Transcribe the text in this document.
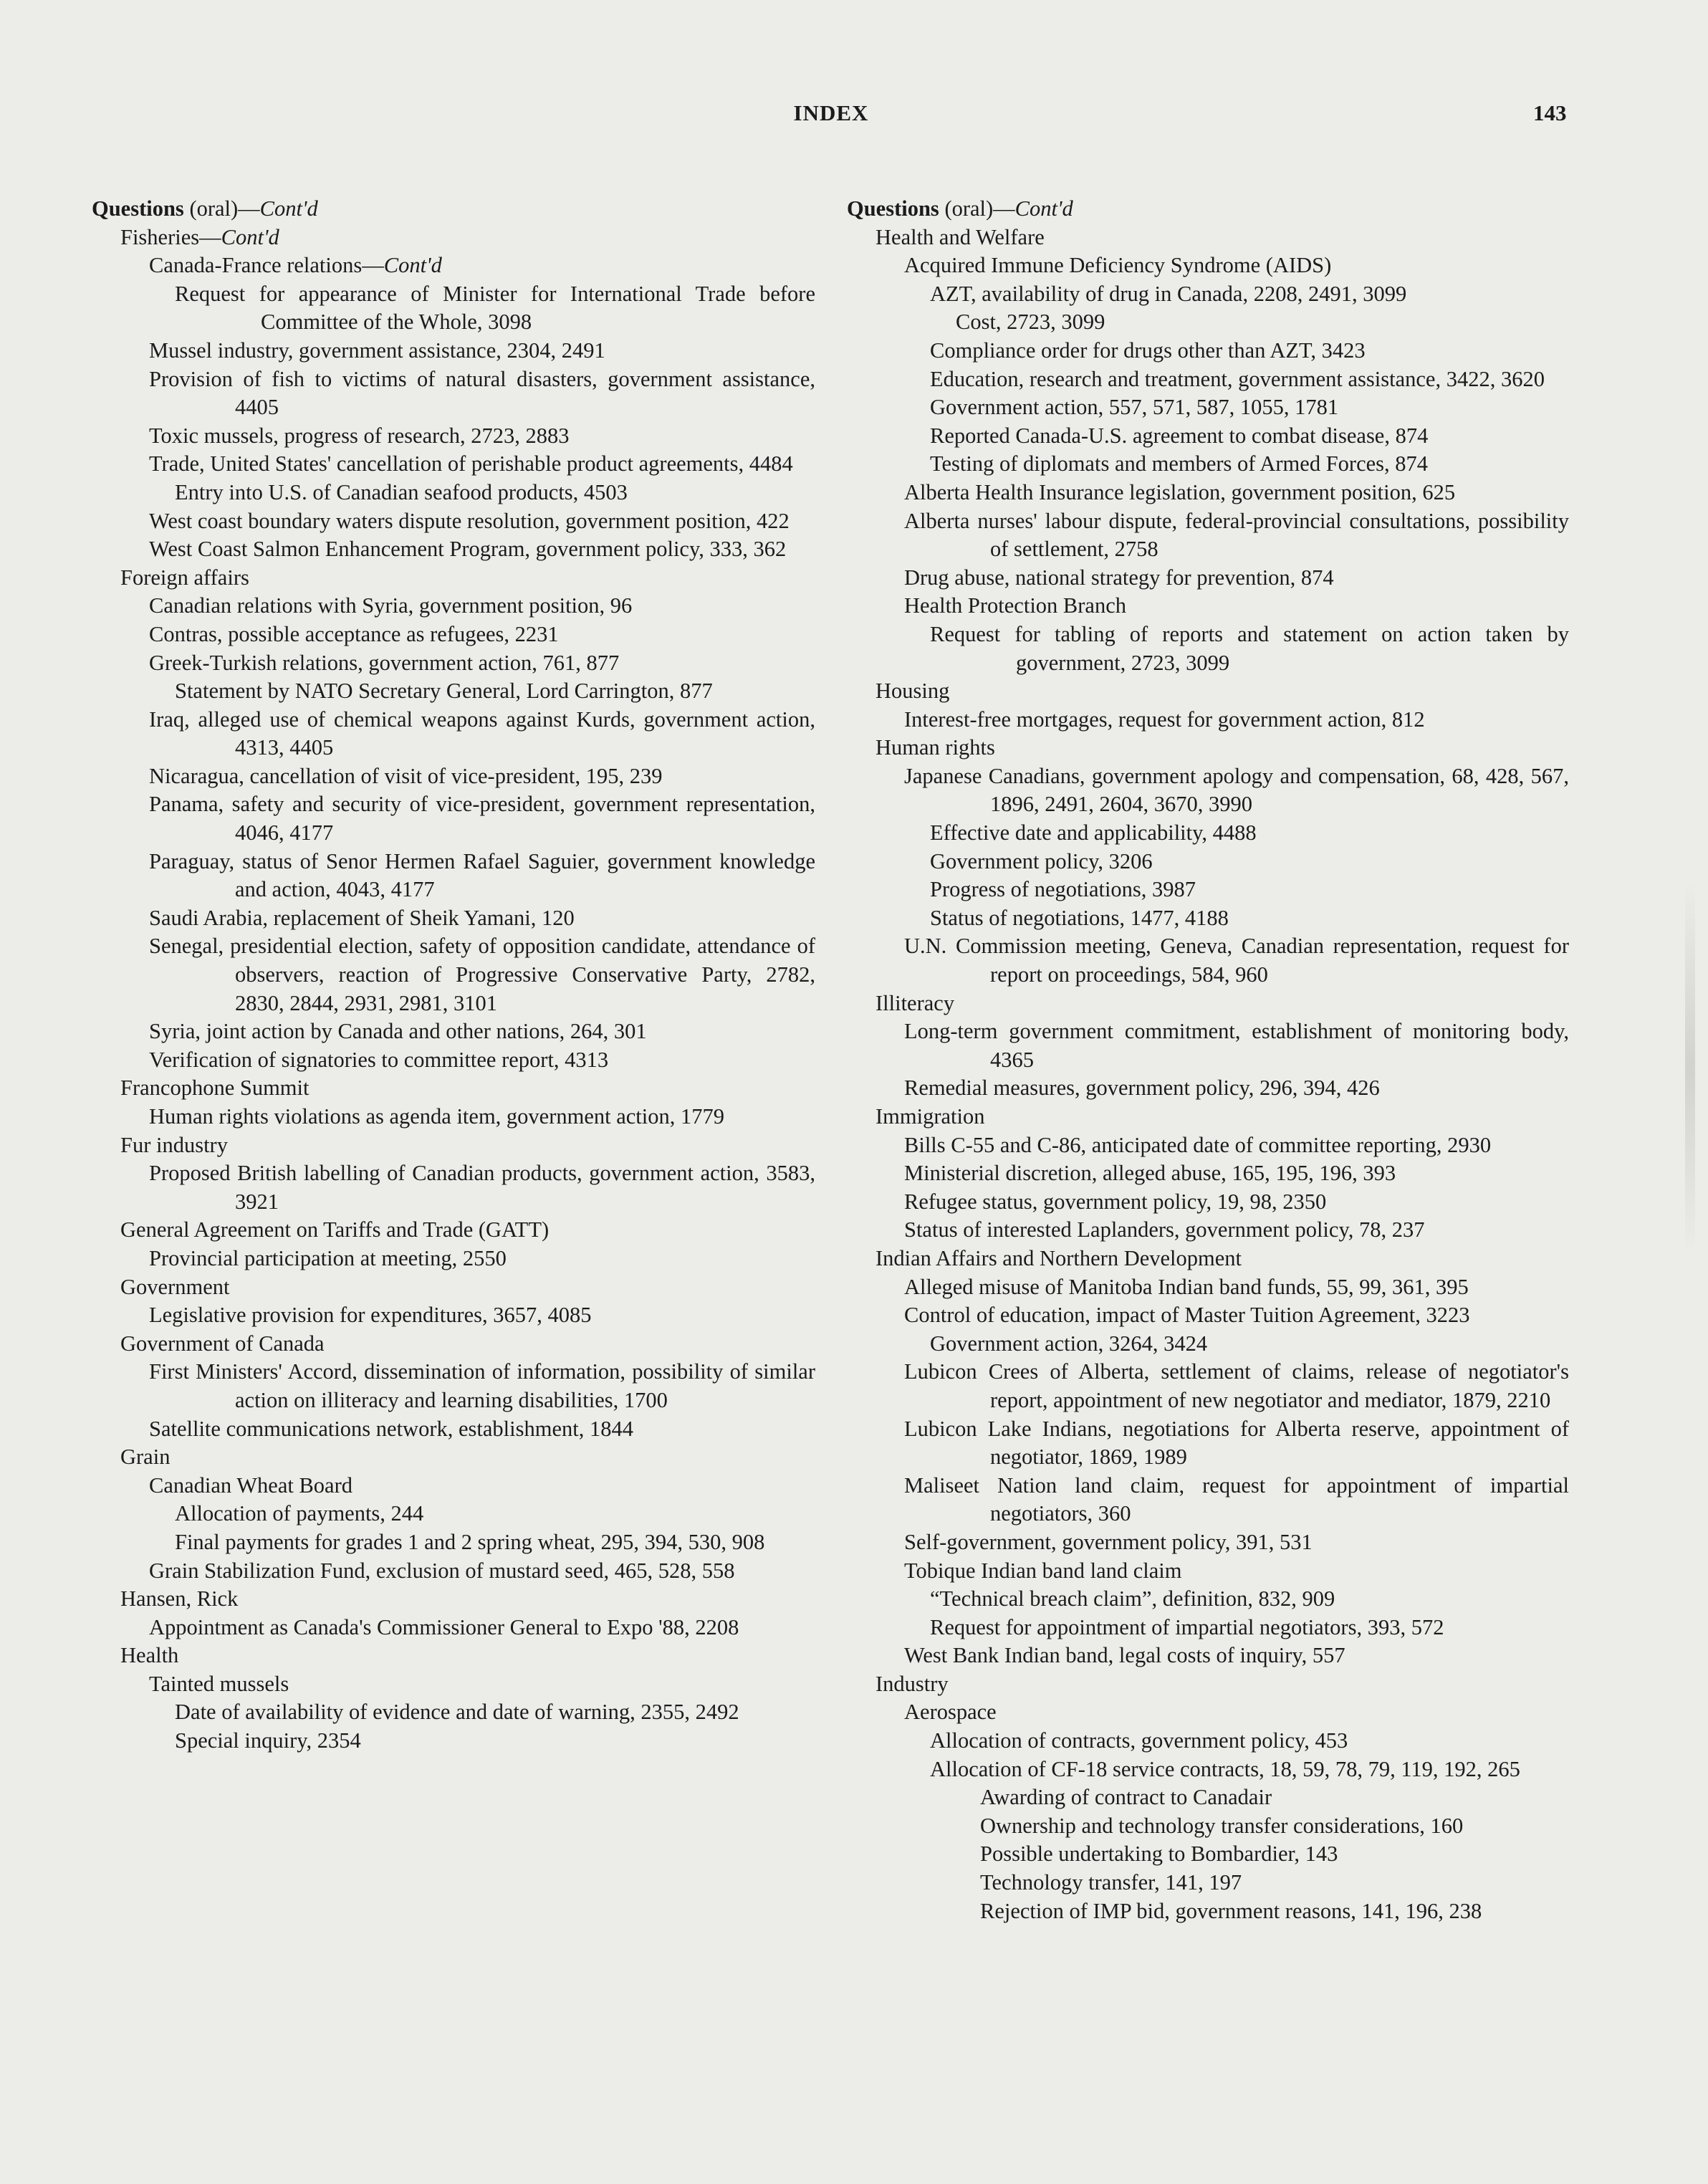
INDEX	143
Questions (oral)—Cont'd
Fisheries—Cont'd
Canada-France relations—Cont'd
Request for appearance of Minister for International Trade before Committee of the Whole, 3098
Mussel industry, government assistance, 2304, 2491
Provision of fish to victims of natural disasters, government assistance, 4405
Toxic mussels, progress of research, 2723, 2883
Trade, United States' cancellation of perishable product agreements, 4484
Entry into U.S. of Canadian seafood products, 4503
West coast boundary waters dispute resolution, government position, 422
West Coast Salmon Enhancement Program, government policy, 333, 362
Foreign affairs
Canadian relations with Syria, government position, 96
Contras, possible acceptance as refugees, 2231
Greek-Turkish relations, government action, 761, 877
Statement by NATO Secretary General, Lord Carrington, 877
Iraq, alleged use of chemical weapons against Kurds, government action, 4313, 4405
Nicaragua, cancellation of visit of vice-president, 195, 239
Panama, safety and security of vice-president, government representation, 4046, 4177
Paraguay, status of Senor Hermen Rafael Saguier, government knowledge and action, 4043, 4177
Saudi Arabia, replacement of Sheik Yamani, 120
Senegal, presidential election, safety of opposition candidate, attendance of observers, reaction of Progressive Conservative Party, 2782, 2830, 2844, 2931, 2981, 3101
Syria, joint action by Canada and other nations, 264, 301
Verification of signatories to committee report, 4313
Francophone Summit
Human rights violations as agenda item, government action, 1779
Fur industry
Proposed British labelling of Canadian products, government action, 3583, 3921
General Agreement on Tariffs and Trade (GATT)
Provincial participation at meeting, 2550
Government
Legislative provision for expenditures, 3657, 4085
Government of Canada
First Ministers' Accord, dissemination of information, possibility of similar action on illiteracy and learning disabilities, 1700
Satellite communications network, establishment, 1844
Grain
Canadian Wheat Board
Allocation of payments, 244
Final payments for grades 1 and 2 spring wheat, 295, 394, 530, 908
Grain Stabilization Fund, exclusion of mustard seed, 465, 528, 558
Hansen, Rick
Appointment as Canada's Commissioner General to Expo '88, 2208
Health
Tainted mussels
Date of availability of evidence and date of warning, 2355, 2492
Special inquiry, 2354
Questions (oral)—Cont'd
Health and Welfare
Acquired Immune Deficiency Syndrome (AIDS)
AZT, availability of drug in Canada, 2208, 2491, 3099
Cost, 2723, 3099
Compliance order for drugs other than AZT, 3423
Education, research and treatment, government assistance, 3422, 3620
Government action, 557, 571, 587, 1055, 1781
Reported Canada-U.S. agreement to combat disease, 874
Testing of diplomats and members of Armed Forces, 874
Alberta Health Insurance legislation, government position, 625
Alberta nurses' labour dispute, federal-provincial consultations, possibility of settlement, 2758
Drug abuse, national strategy for prevention, 874
Health Protection Branch
Request for tabling of reports and statement on action taken by government, 2723, 3099
Housing
Interest-free mortgages, request for government action, 812
Human rights
Japanese Canadians, government apology and compensation, 68, 428, 567, 1896, 2491, 2604, 3670, 3990
Effective date and applicability, 4488
Government policy, 3206
Progress of negotiations, 3987
Status of negotiations, 1477, 4188
U.N. Commission meeting, Geneva, Canadian representation, request for report on proceedings, 584, 960
Illiteracy
Long-term government commitment, establishment of monitoring body, 4365
Remedial measures, government policy, 296, 394, 426
Immigration
Bills C-55 and C-86, anticipated date of committee reporting, 2930
Ministerial discretion, alleged abuse, 165, 195, 196, 393
Refugee status, government policy, 19, 98, 2350
Status of interested Laplanders, government policy, 78, 237
Indian Affairs and Northern Development
Alleged misuse of Manitoba Indian band funds, 55, 99, 361, 395
Control of education, impact of Master Tuition Agreement, 3223
Government action, 3264, 3424
Lubicon Crees of Alberta, settlement of claims, release of negotiator's report, appointment of new negotiator and mediator, 1879, 2210
Lubicon Lake Indians, negotiations for Alberta reserve, appointment of negotiator, 1869, 1989
Maliseet Nation land claim, request for appointment of impartial negotiators, 360
Self-government, government policy, 391, 531
Tobique Indian band land claim
“Technical breach claim”, definition, 832, 909
Request for appointment of impartial negotiators, 393, 572
West Bank Indian band, legal costs of inquiry, 557
Industry
Aerospace
Allocation of contracts, government policy, 453
Allocation of CF-18 service contracts, 18, 59, 78, 79, 119, 192, 265
Awarding of contract to Canadair
Ownership and technology transfer considerations, 160
Possible undertaking to Bombardier, 143
Technology transfer, 141, 197
Rejection of IMP bid, government reasons, 141, 196, 238
